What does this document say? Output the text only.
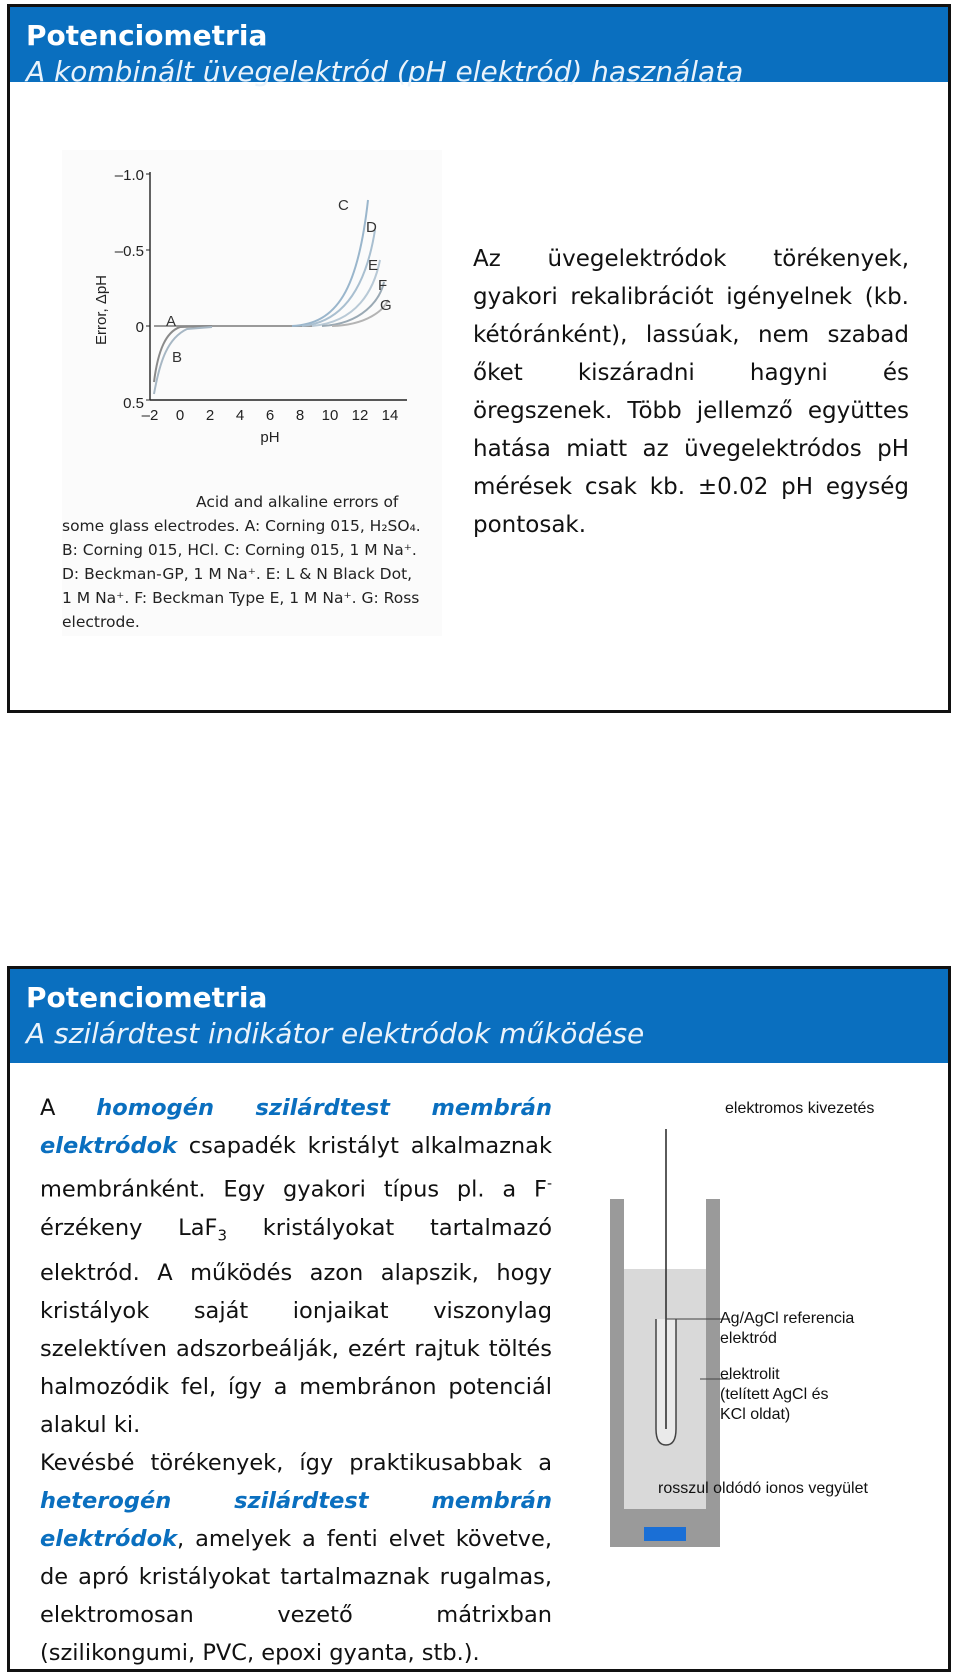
Potenciometria
A kombinált üvegelektród (pH elektród) használata
–1.0
–0.5
0
0.5
Error, ΔpH
–2 0 2 4 6 8 10 12 14
pH
A
B
C
D
E
F
G
Acid and alkaline errors of
some glass electrodes. A: Corning 015, H₂SO₄.
B: Corning 015, HCl. C: Corning 015, 1 M Na⁺.
D: Beckman-GP, 1 M Na⁺. E: L & N Black Dot,
1 M Na⁺. F: Beckman Type E, 1 M Na⁺. G: Ross
electrode.
Az üvegelektródok törékenyek, gyakori rekalibrációt igényelnek (kb. kétóránként), lassúak, nem szabad őket kiszáradni hagyni és öregszenek. Több jellemző együttes hatása miatt az üvegelektródos pH mérések csak kb. ±0.02 pH egység pontosak.
Potenciometria
A szilárdtest indikátor elektródok működése

A homogén szilárdtest membrán elektródok csapadék kristályt alkalmaznak membránként. Egy gyakori típus pl. a F- érzékeny LaF$_3$ kristályokat tartalmazó elektród. A működés azon alapszik, hogy kristályok saját ionjaikat viszonylag szelektíven adszorbeálják, ezért rajtuk töltés halmozódik fel, így a membránon potenciál alakul ki.

Kevésbé törékenyek, így praktikusabbak a heterogén szilárdtest membrán elektródok, amelyek a fenti elvet követve, de apró kristályokat tartalmaznak rugalmas, elektromosan vezető mátrixban (szilikongumi, PVC, epoxi gyanta, stb.).

elektromos kivezetés
Ag/AgCl referencia
elektród
elektrolit
(telített AgCl és
KCl oldat)
rosszul oldódó ionos vegyület
